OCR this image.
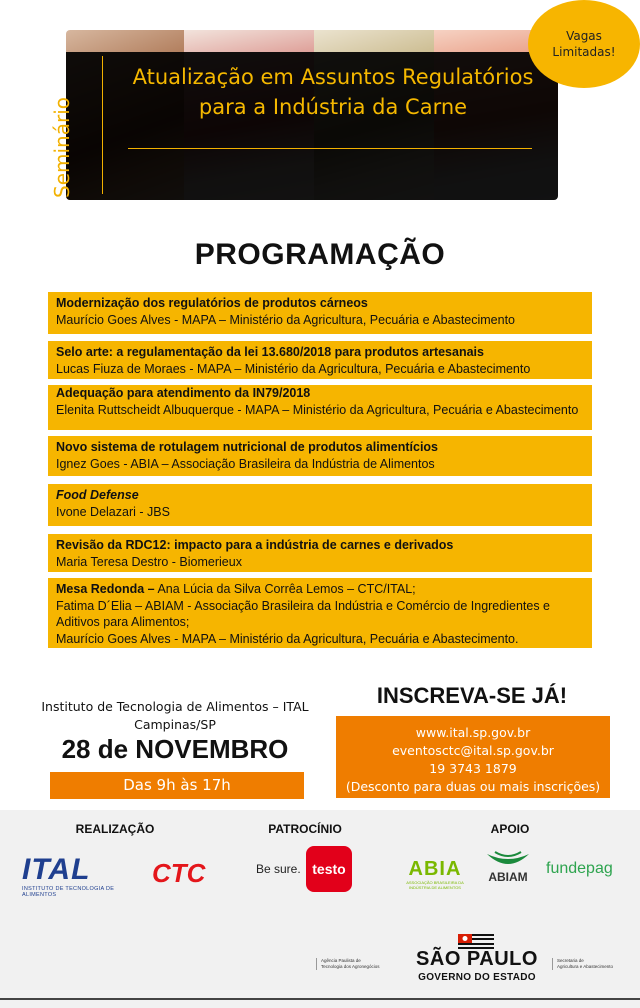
Seminário
Atualização em Assuntos Regulatórios
para a Indústria da Carne
Vagas
Limitadas!
PROGRAMAÇÃO
Modernização dos regulatórios de produtos cárneos
Maurício Goes Alves - MAPA – Ministério da Agricultura, Pecuária e Abastecimento
Selo arte: a regulamentação da lei 13.680/2018 para produtos artesanais
Lucas Fiuza de Moraes - MAPA – Ministério da Agricultura, Pecuária e Abastecimento
Adequação para atendimento da IN79/2018
Elenita Ruttscheidt Albuquerque - MAPA – Ministério da Agricultura, Pecuária e Abastecimento
Novo sistema de rotulagem nutricional de produtos alimentícios
Ignez Goes - ABIA – Associação Brasileira da Indústria de Alimentos
Food Defense
Ivone Delazari - JBS
Revisão da RDC12: impacto para a indústria de carnes e derivados
Maria Teresa Destro - Biomerieux
Mesa Redonda – Ana Lúcia da Silva Corrêa Lemos – CTC/ITAL;
Fatima D´Elia – ABIAM - Associação Brasileira da Indústria e Comércio de Ingredientes e Aditivos para Alimentos;
Maurício Goes Alves - MAPA – Ministério da Agricultura, Pecuária e Abastecimento.
Instituto de Tecnologia de Alimentos – ITAL
Campinas/SP
28 de NOVEMBRO
Das 9h às 17h
INSCREVA-SE JÁ!
www.ital.sp.gov.br
eventosctc@ital.sp.gov.br
19 3743 1879
(Desconto para duas ou mais inscrições)
REALIZAÇÃO	PATROCÍNIO	APOIO
ITAL
INSTITUTO DE TECNOLOGIA DE ALIMENTOS
CTC	Be sure. testo	ABIA
ASSOCIAÇÃO BRASILEIRA DA INDÚSTRIA DE ALIMENTOS
ABIAM	fundepag
Agência Paulista de
Tecnologia dos Agronegócios SÃO PAULO
GOVERNO DO ESTADO
Secretaria de
Agricultura e Abastecimento
